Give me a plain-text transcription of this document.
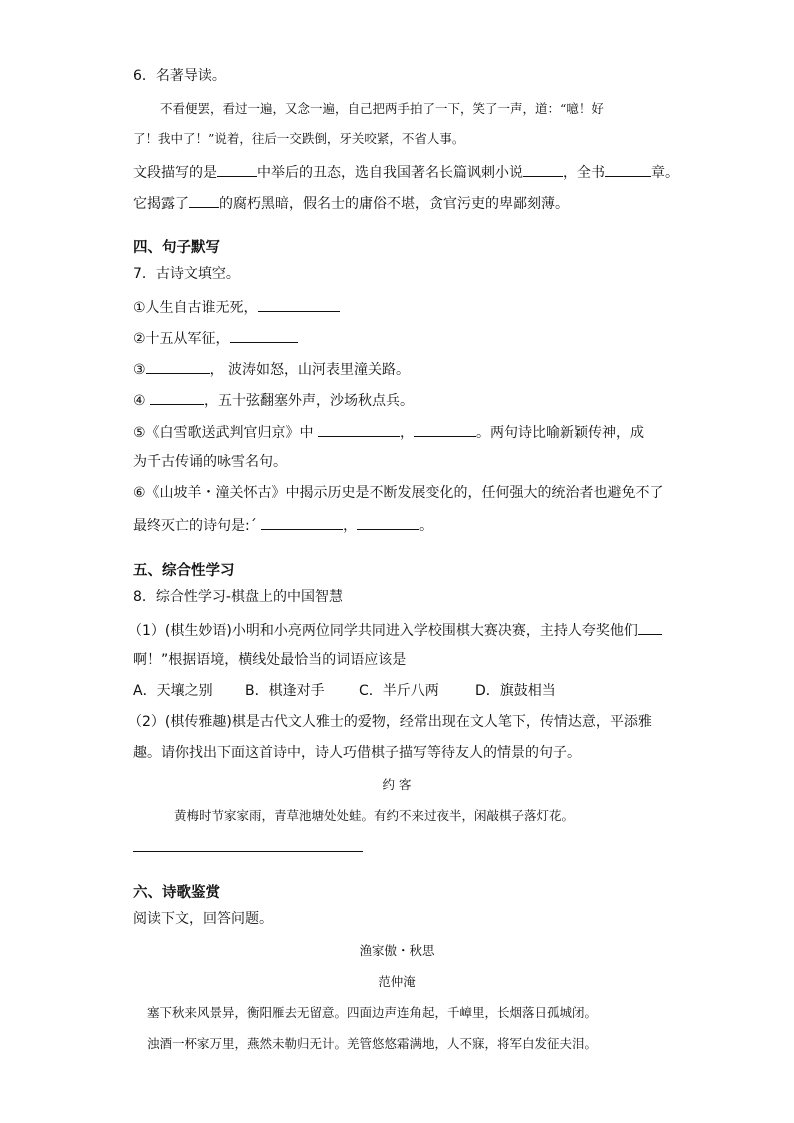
6．名著导读。
不看便罢，看过一遍，又念一遍，自己把两手拍了一下，笑了一声，道：“噫！好
了！我中了！”说着，往后一交跌倒，牙关咬紧，不省人事。
文段描写的是	中举后的丑态，选自我国著名长篇讽刺小说	，全书	章。
它揭露了 的腐朽黑暗，假名士的庸俗不堪，贪官污吏的卑鄙刻薄。
四、句子默写
7．古诗文填空。
①人生自古谁无死，
②十五从军征，
③	， 波涛如怒，山河表里潼关路。
④	，五十弦翻塞外声，沙场秋点兵。
⑤《白雪歌送武判官归京》中	，	。两句诗比喻新颖传神，成
为千古传诵的咏雪名句。
⑥《山坡羊・潼关怀古》中揭示历史是不断发展变化的，任何强大的统治者也避免不了
最终灭亡的诗句是:ˊ	，	。
五、综合性学习
8．综合性学习-棋盘上的中国智慧
（1）(棋生妙语)小明和小亮两位同学共同进入学校围棋大赛决赛，主持人夸奖他们
啊！”根据语境，横线处最恰当的词语应该是
A．天壤之别 B．棋逢对手 C．半斤八两	D．旗鼓相当
（2）(棋传雅趣)棋是古代文人雅士的爱物，经常出现在文人笔下，传情达意，平添雅
趣。请你找出下面这首诗中，诗人巧借棋子描写等待友人的情景的句子。
约 客
黄梅时节家家雨，青草池塘处处蛙。有约不来过夜半，闲敲棋子落灯花。
六、诗歌鉴赏
阅读下文，回答问题。
渔家傲・秋思
范仲淹
塞下秋来风景异，衡阳雁去无留意。四面边声连角起，千嶂里，长烟落日孤城闭。
浊酒一杯家万里，燕然未勒归无计。羌管悠悠霜满地，人不寐，将军白发征夫泪。
